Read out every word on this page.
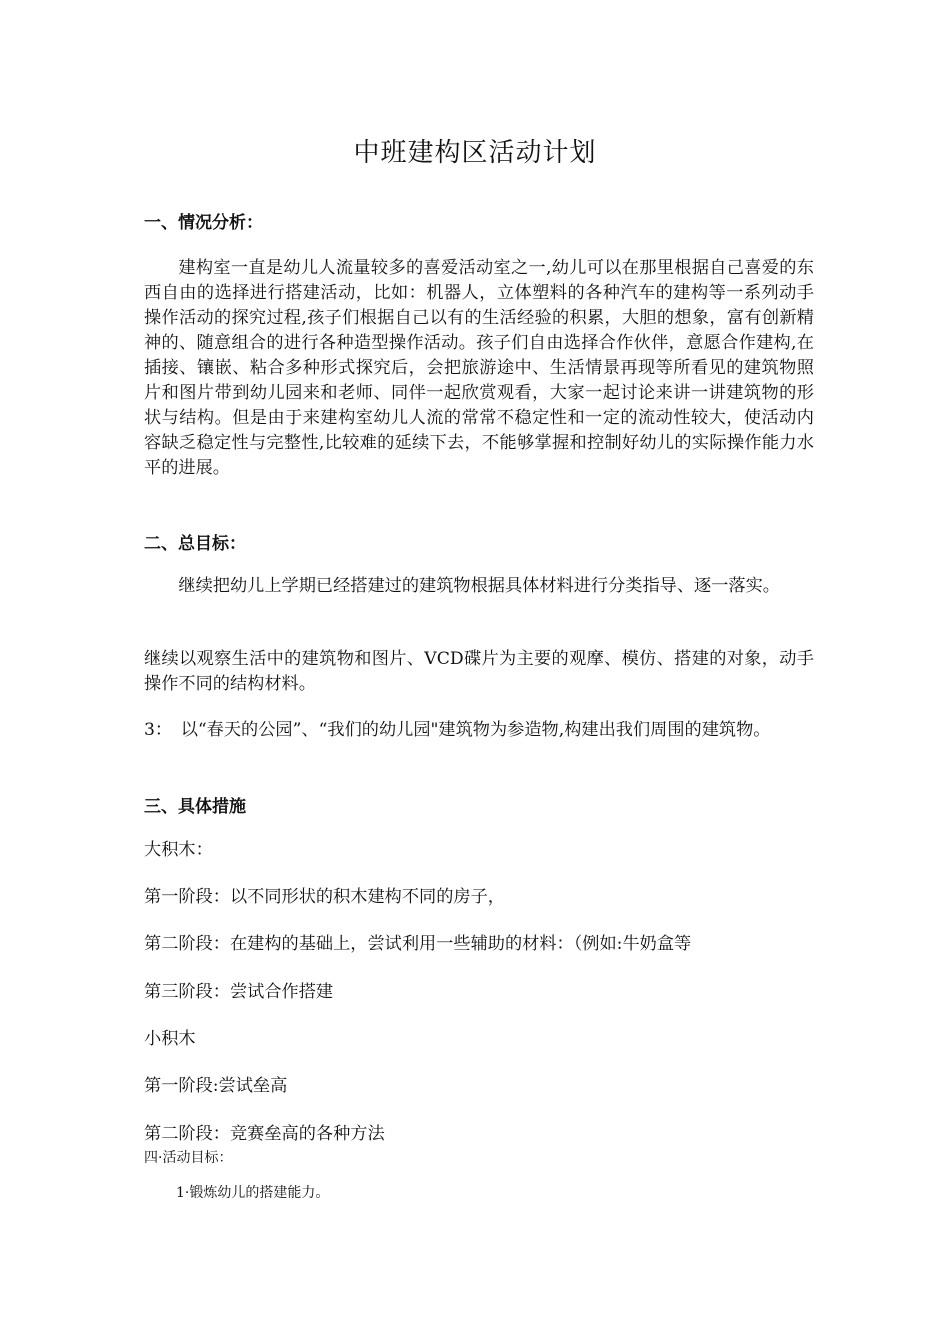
中班建构区活动计划
一、情况分析：
建构室一直是幼儿人流量较多的喜爱活动室之一,幼儿可以在那里根据自己喜爱的东西自由的选择进行搭建活动，比如：机器人，立体塑料的各种汽车的建构等一系列动手操作活动的探究过程,孩子们根据自己以有的生活经验的积累，大胆的想象，富有创新精神的、随意组合的进行各种造型操作活动。孩子们自由选择合作伙伴，意愿合作建构,在插接、镶嵌、粘合多种形式探究后，会把旅游途中、生活情景再现等所看见的建筑物照片和图片带到幼儿园来和老师、同伴一起欣赏观看，大家一起讨论来讲一讲建筑物的形状与结构。但是由于来建构室幼儿人流的常常不稳定性和一定的流动性较大，使活动内容缺乏稳定性与完整性,比较难的延续下去，不能够掌握和控制好幼儿的实际操作能力水平的进展。
二、总目标：
继续把幼儿上学期已经搭建过的建筑物根据具体材料进行分类指导、逐一落实。
继续以观察生活中的建筑物和图片、VCD碟片为主要的观摩、模仿、搭建的对象，动手操作不同的结构材料。
3：　以“春天的公园”、“我们的幼儿园"建筑物为参造物,构建出我们周围的建筑物。
三、具体措施
大积木：
第一阶段：以不同形状的积木建构不同的房子，
第二阶段：在建构的基础上，尝试利用一些辅助的材料：（例如:牛奶盒等
第三阶段：尝试合作搭建
小积木
第一阶段:尝试垒高
第二阶段：竞赛垒高的各种方法
四·活动目标：
1·锻炼幼儿的搭建能力。
